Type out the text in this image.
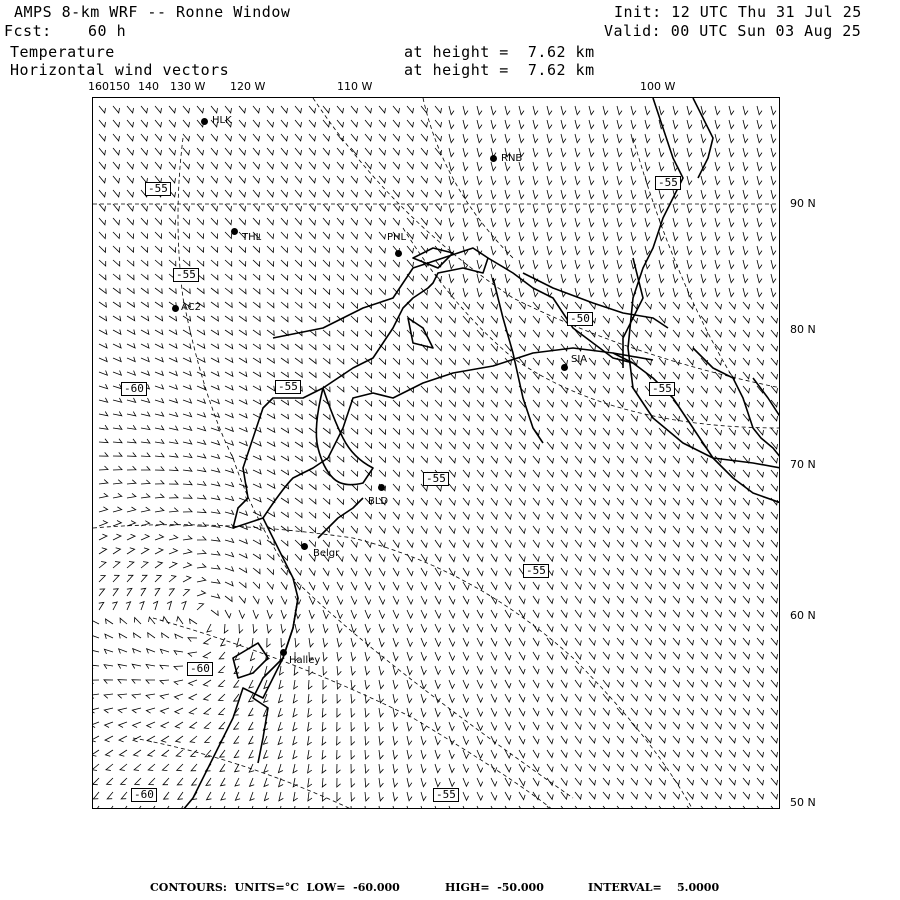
AMPS 8-km WRF -- Ronne Window
Fcst: 60 h
Temperature
Horizontal wind vectors
at height =  7.62 km
at height =  7.62 km
Init: 12 UTC Thu 31 Jul 25
Valid: 00 UTC Sun 03 Aug 25
160150 140 130 W 120 W	110 W	100 W
90 N
80 N
70 N
60 N
50 N
-55
-55
-55
-60
-55
-55
-55
-55
-50
-60
-60	-55
HLK
RNB
THL	PHL
AC2
SIA
BLD
Belgr
Halley
CONTOURS:  UNITS=°C  LOW=  -60.000	HIGH=  -50.000	INTERVAL=    5.0000
